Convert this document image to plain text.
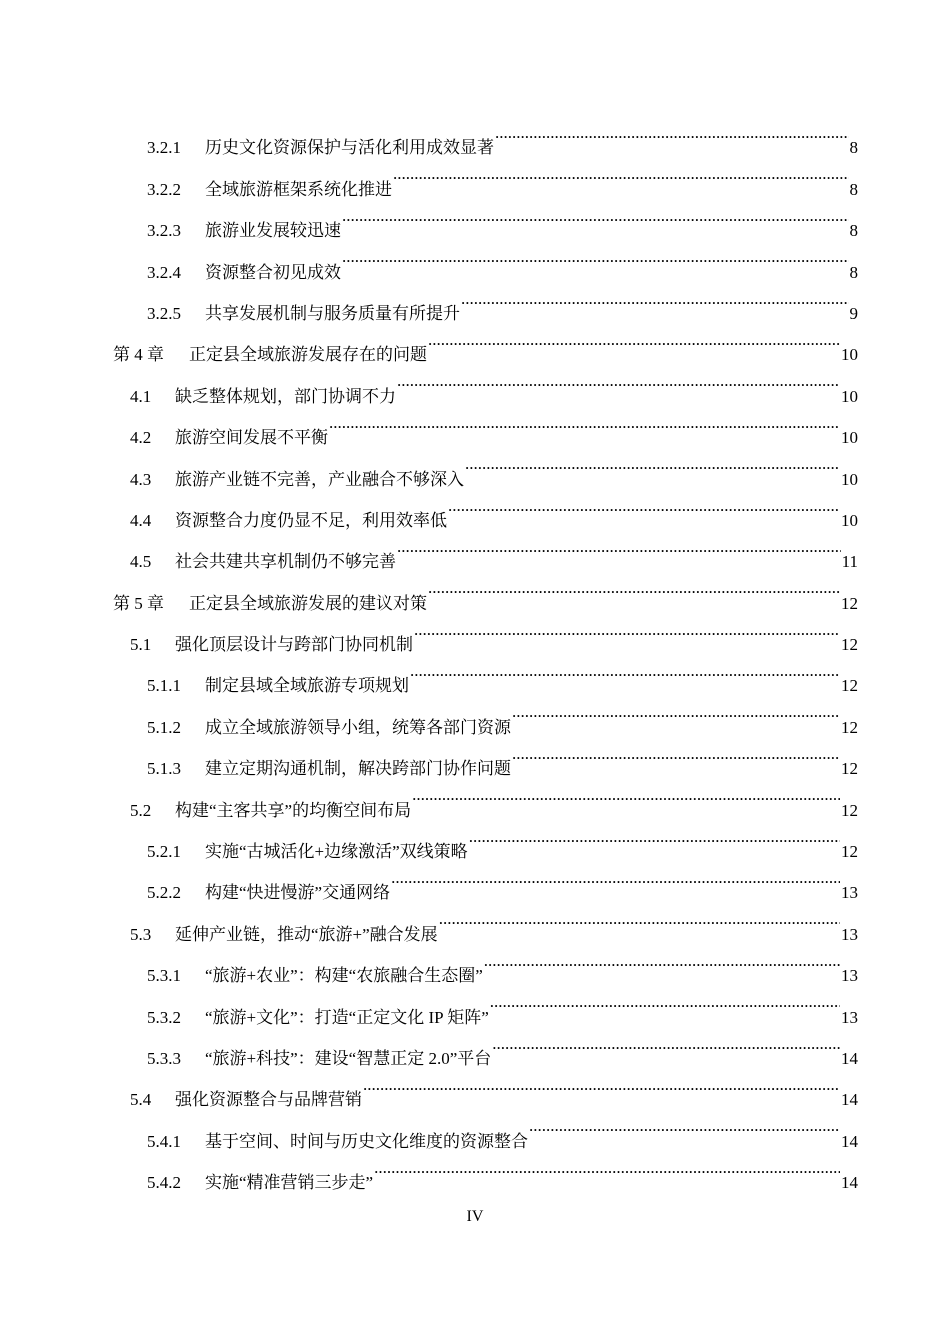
3.2.1	历史文化资源保护与活化利用成效显著 .....	8
3.2.2	全域旅游框架系统化推进 .....	8
3.2.3	旅游业发展较迅速 .....	8
3.2.4	资源整合初见成效 .....	8
3.2.5	共享发展机制与服务质量有所提升 .....	9
第 4 章	正定县全域旅游发展存在的问题 .....	10
4.1	缺乏整体规划，部门协调不力 .....	10
4.2	旅游空间发展不平衡 .....	10
4.3	旅游产业链不完善，产业融合不够深入 .....	10
4.4	资源整合力度仍显不足，利用效率低 .....	10
4.5	社会共建共享机制仍不够完善 .....	11
第 5 章	正定县全域旅游发展的建议对策 .....	12
5.1	强化顶层设计与跨部门协同机制 .....	12
5.1.1	制定县域全域旅游专项规划 .....	12
5.1.2	成立全域旅游领导小组，统筹各部门资源 .....	12
5.1.3	建立定期沟通机制，解决跨部门协作问题 .....	12
5.2	构建“主客共享”的均衡空间布局 .....	12
5.2.1	实施“古城活化+边缘激活”双线策略 .....	12
5.2.2	构建“快进慢游”交通网络 .....	13
5.3	延伸产业链，推动“旅游+”融合发展 .....	13
5.3.1	“旅游+农业”：构建“农旅融合生态圈” .....	13
5.3.2	“旅游+文化”：打造“正定文化 IP 矩阵” .....	13
5.3.3	“旅游+科技”：建设“智慧正定 2.0”平台 .....	14
5.4	强化资源整合与品牌营销 .....	14
5.4.1	基于空间、时间与历史文化维度的资源整合 .....	14
5.4.2	实施“精准营销三步走” .....	14
IV
